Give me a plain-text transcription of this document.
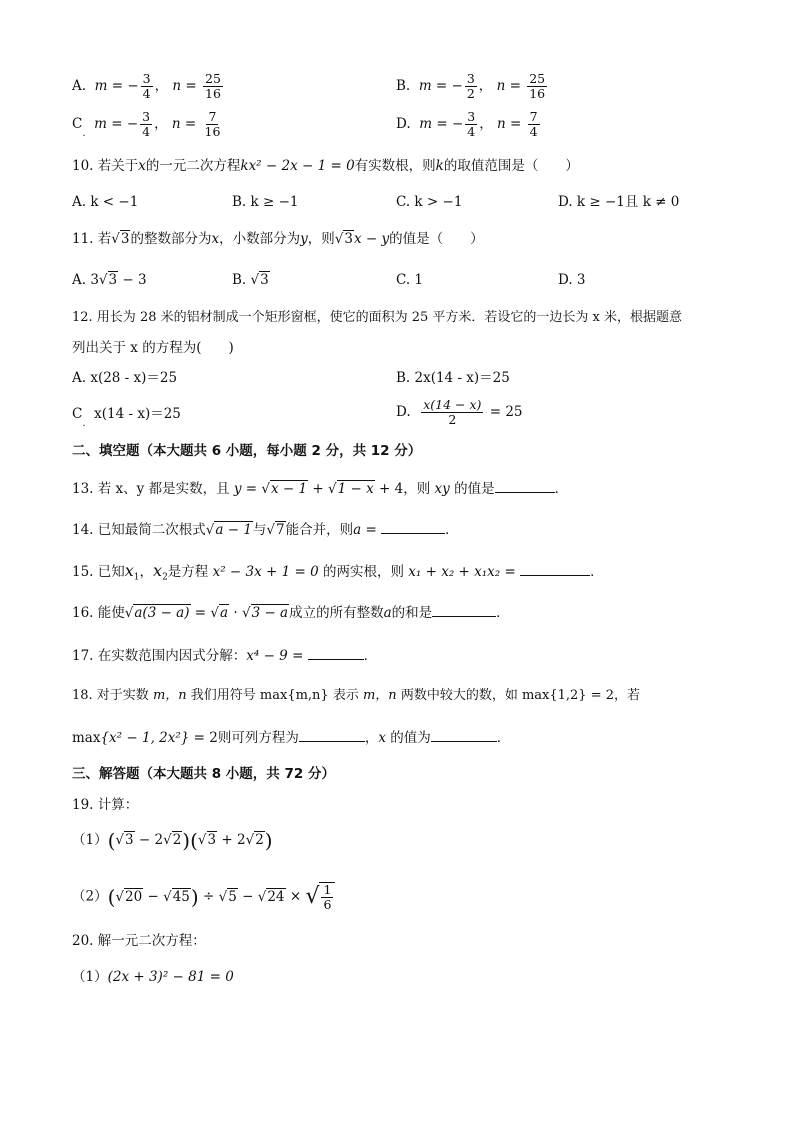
A. m = − $\frac{3}{4}$ ， $n = \frac{25}{16}$	B. m = − $\frac{3}{2}$ ， $n = \frac{25}{16}$
$C_.$  m = − $\frac{3}{4}$ ， $n = \frac{7}{16}$	D. m = − $\frac{3}{4}$ ， $n = \frac{7}{4}$
10. 若关于x的一元二次方程kx² − 2x − 1 = 0有实数根，则k的取值范围是（　　）
A. k < −1	B. k ≥ −1	C. k > −1	D. k ≥ −1且 k ≠ 0
11. 若 √ 3的整数部分为x，小数部分为y，则 √ 3x − y的值是（　　）
A. 3 √ 3 − 3	B. √ 3	C. 1	D. 3
12. 用长为 28 米的铝材制成一个矩形窗框，使它的面积为 25 平方米．若设它的一边长为 x 米，根据题意
列出关于 x 的方程为(　　)
A. x(28 - x)＝25	B. 2x(14 - x)＝25
$C_.$  x(14 - x)＝25	D. $\frac{x(14 - x)}{2} = 25$
二、填空题（本大题共 6 小题，每小题 2 分，共 12 分）
13. 若 x、y 都是实数，且 y = √ x − 1 + √ 1 − x + 4，则 xy 的值是	．
14. 已知最简二次根式 √ a − 1与 √ 7能合并，则a =	．
15. 已知$x_1$，$x_2$是方程 x² − 3x + 1 = 0 的两实根，则 x₁ + x₂ + x₁x₂ =	．
16. 能使 √ a(3 − a) = √ a · √ 3 − a成立的所有整数a的和是	．
17. 在实数范围内因式分解：x⁴ − 9 =	．
18. 对于实数 m，n 我们用符号 max{m,n} 表示 m，n 两数中较大的数，如 max{1,2} = 2，若
max{x² − 1, 2x²} = 2则可列方程为	，x 的值为	．
三、解答题（本大题共 8 小题，共 72 分）
19. 计算：
（1）( √ 3 − 2 √ 2)( √ 3 + 2 √ 2)
（2）( √ 20 − √ 45) ÷ √ 5 − √ 24 × √ $\frac{1}{6}$
20. 解一元二次方程：
（1）(2x + 3)² − 81 = 0
